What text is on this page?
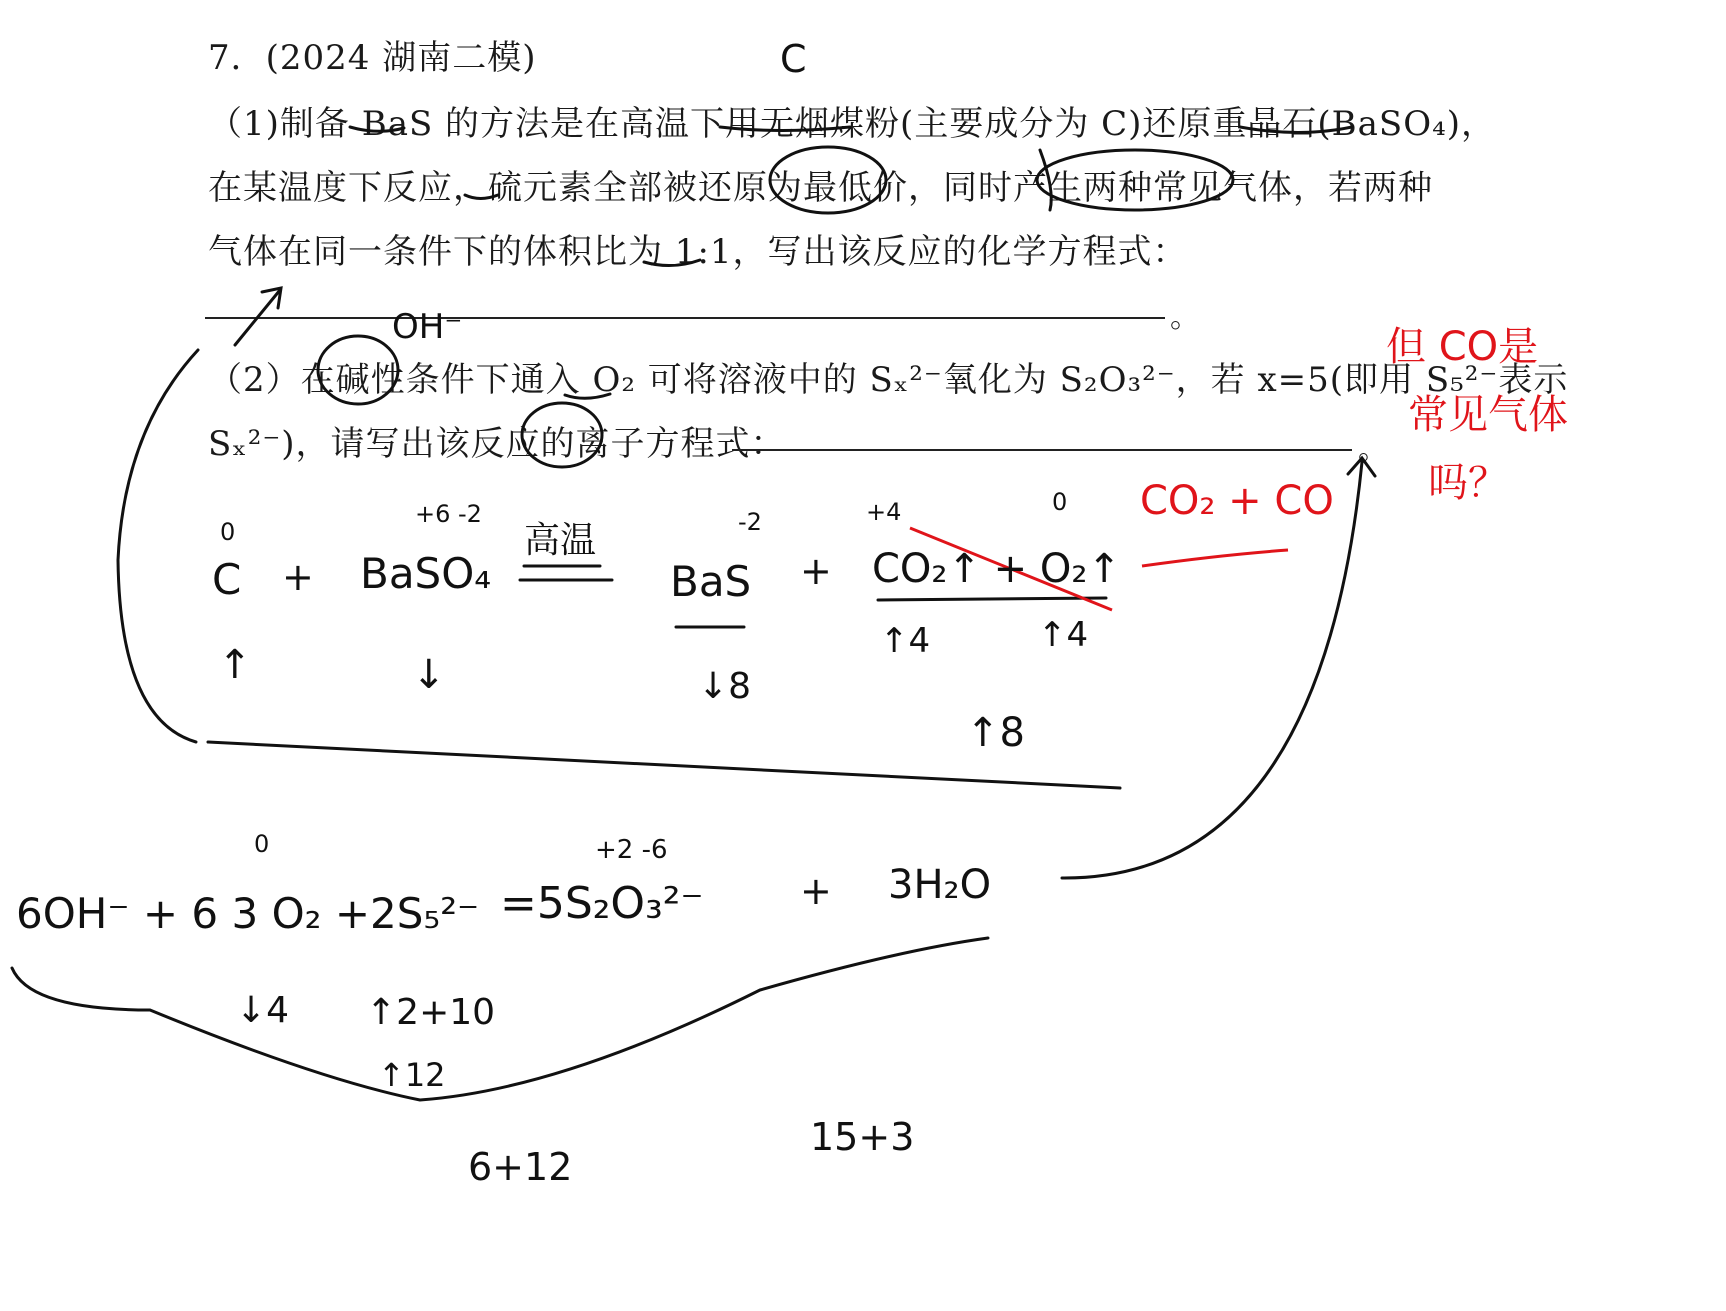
7．(2024 湖南二模)
（1)制备 BaS 的方法是在高温下用无烟煤粉(主要成分为 C)还原重晶石(BaSO₄)，
在某温度下反应，硫元素全部被还原为最低价，同时产生两种常见气体，若两种
气体在同一条件下的体积比为 1:1，写出该反应的化学方程式：
。
（2）在碱性条件下通入 O₂ 可将溶液中的 Sₓ²⁻氧化为 S₂O₃²⁻，若 x=5(即用 S₅²⁻表示
Sₓ²⁻)，请写出该反应的离子方程式：	。
C
OH⁻
0
C +
+6 -2
BaSO₄
高温	-2
BaS +
+4	0
CO₂↑ + O₂↑
↑	↓	↓8
↑4	↑4
↑8
0
6OH⁻ + 6 3 O₂ +2S₅²⁻
+2 -6
=5S₂O₃²⁻	+ 3H₂O
↓4 ↑2+10
↑12
6+12
15+3
但 CO是
常见气体
吗？
CO₂ + CO
